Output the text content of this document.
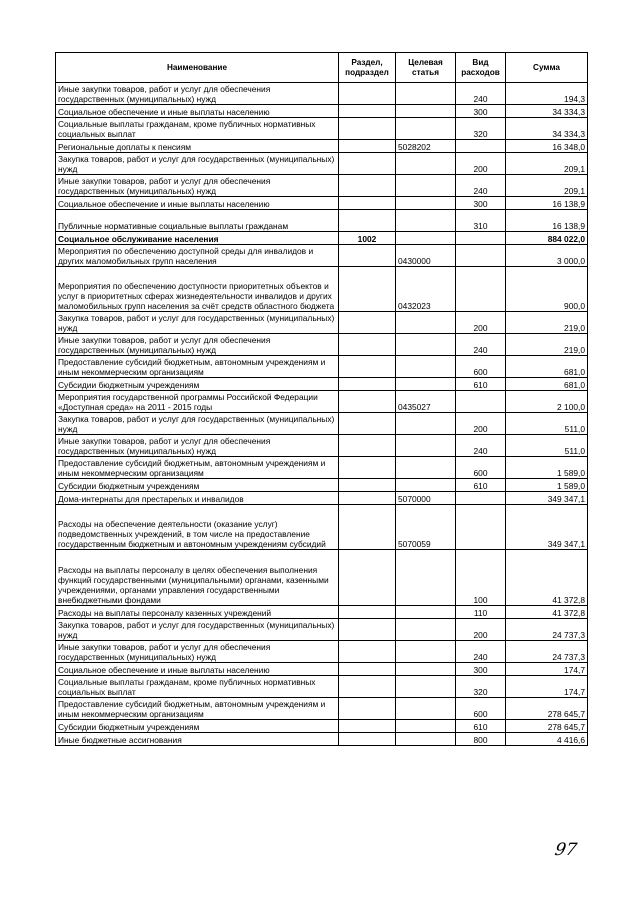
Наименование	Раздел, подраздел	Целевая статья	Вид расходов	Сумма
Иные закупки товаров, работ и услуг для обеспечения государственных (муниципальных) нужд			240	194,3
Социальное обеспечение и иные выплаты населению			300	34 334,3
Социальные выплаты гражданам, кроме публичных нормативных социальных выплат			320	34 334,3
Региональные доплаты к пенсиям		5028202		16 348,0
Закупка товаров, работ и услуг для государственных (муниципальных) нужд			200	209,1
Иные закупки товаров, работ и услуг для обеспечения государственных (муниципальных) нужд			240	209,1
Социальное обеспечение и иные выплаты населению			300	16 138,9
Публичные нормативные социальные выплаты гражданам			310	16 138,9
Социальное обслуживание населения	1002			884 022,0
Мероприятия по обеспечению доступной среды для инвалидов и других маломобильных групп населения		0430000		3 000,0
Мероприятия по обеспечению доступности приоритетных объектов и услуг в приоритетных сферах жизнедеятельности инвалидов и других маломобильных групп населения за счёт средств областного бюджета		0432023		900,0
Закупка товаров, работ и услуг для государственных (муниципальных) нужд			200	219,0
Иные закупки товаров, работ и услуг для обеспечения государственных (муниципальных) нужд			240	219,0
Предоставление субсидий бюджетным, автономным учреждениям и иным некоммерческим организациям			600	681,0
Субсидии бюджетным учреждениям			610	681,0
Мероприятия государственной программы Российской Федерации «Доступная среда» на 2011 - 2015 годы		0435027		2 100,0
Закупка товаров, работ и услуг для государственных (муниципальных) нужд			200	511,0
Иные закупки товаров, работ и услуг для обеспечения государственных (муниципальных) нужд			240	511,0
Предоставление субсидий бюджетным, автономным учреждениям и иным некоммерческим организациям			600	1 589,0
Субсидии бюджетным учреждениям			610	1 589,0
Дома-интернаты для престарелых и инвалидов		5070000		349 347,1
Расходы на обеспечение деятельности (оказание услуг) подведомственных учреждений, в том числе на предоставление государственным бюджетным и автономным учреждениям субсидий		5070059		349 347,1
Расходы на выплаты персоналу в целях обеспечения выполнения функций государственными (муниципальными) органами, казенными учреждениями, органами управления государственными внебюджетными фондами			100	41 372,8
Расходы на выплаты персоналу казенных учреждений			110	41 372,8
Закупка товаров, работ и услуг для государственных (муниципальных) нужд			200	24 737,3
Иные закупки товаров, работ и услуг для обеспечения государственных (муниципальных) нужд			240	24 737,3
Социальное обеспечение и иные выплаты населению			300	174,7
Социальные выплаты гражданам, кроме публичных нормативных социальных выплат			320	174,7
Предоставление субсидий бюджетным, автономным учреждениям и иным некоммерческим организациям			600	278 645,7
Субсидии бюджетным учреждениям			610	278 645,7
Иные бюджетные ассигнования			800	4 416,6
97
